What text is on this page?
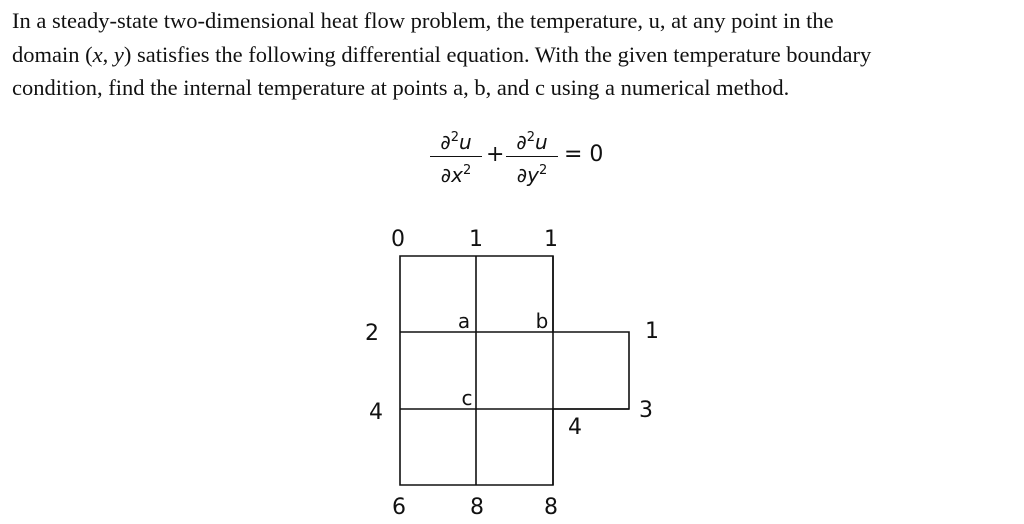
In a steady-state two-dimensional heat flow problem, the temperature, u, at any point in the
domain (x, y) satisfies the following differential equation. With the given temperature boundary
condition, find the internal temperature at points a, b, and c using a numerical method.

∂$^2$u
$\partial x^2$
+ ∂$^2$u
$\partial y^2$
= 0
0	1	1
2
4
1
3
4
6	8	8
a	b
c
